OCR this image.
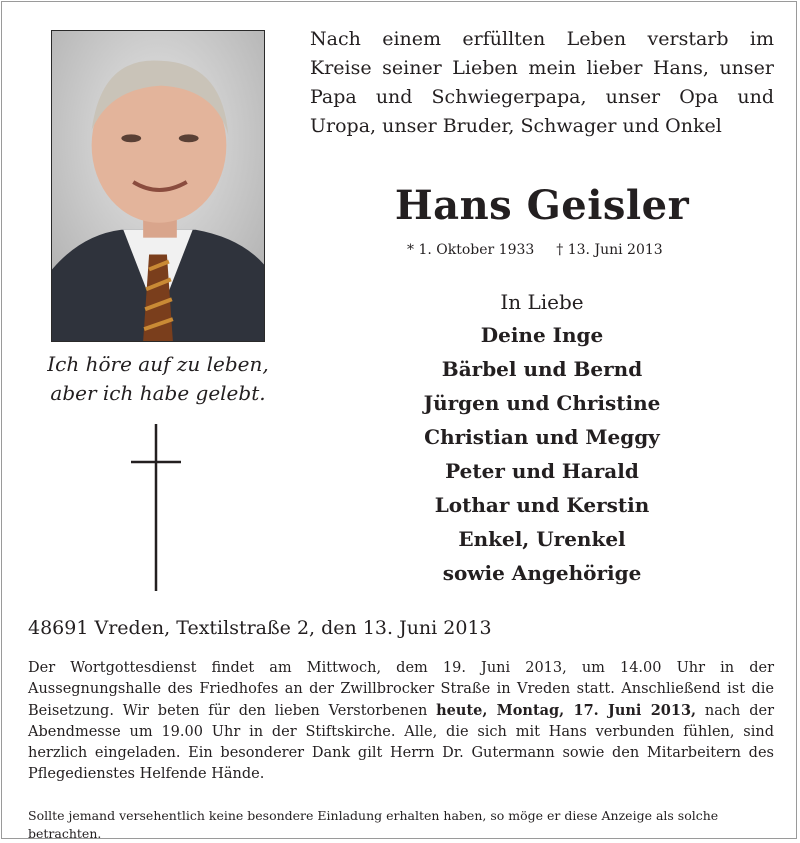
Ich höre auf zu leben,
aber ich habe gelebt.
Nach einem erfüllten Leben verstarb im
Kreise seiner Lieben mein lieber Hans, unser
Papa und Schwiegerpapa, unser Opa und
Uropa, unser Bruder, Schwager und Onkel
Hans Geisler
* 1. Oktober 1933 † 13. Juni 2013
In Liebe
Deine Inge
Bärbel und Bernd
Jürgen und Christine
Christian und Meggy
Peter und Harald
Lothar und Kerstin
Enkel, Urenkel
sowie Angehörige
48691 Vreden, Textilstraße 2, den 13. Juni 2013
Der Wortgottesdienst findet am Mittwoch, dem 19. Juni 2013, um 14.00 Uhr in der Aussegnungshalle des Friedhofes an der Zwillbrocker Straße in Vreden statt. Anschließend ist die Beisetzung. Wir beten für den lieben Verstorbenen heute, Montag, 17. Juni 2013, nach der Abendmesse um 19.00 Uhr in der Stiftskirche. Alle, die sich mit Hans verbunden fühlen, sind herzlich eingeladen. Ein besonderer Dank gilt Herrn Dr. Gutermann sowie den Mitarbeitern des Pflegedienstes Helfende Hände.
Sollte jemand versehentlich keine besondere Einladung erhalten haben, so möge er diese Anzeige als solche betrachten.
